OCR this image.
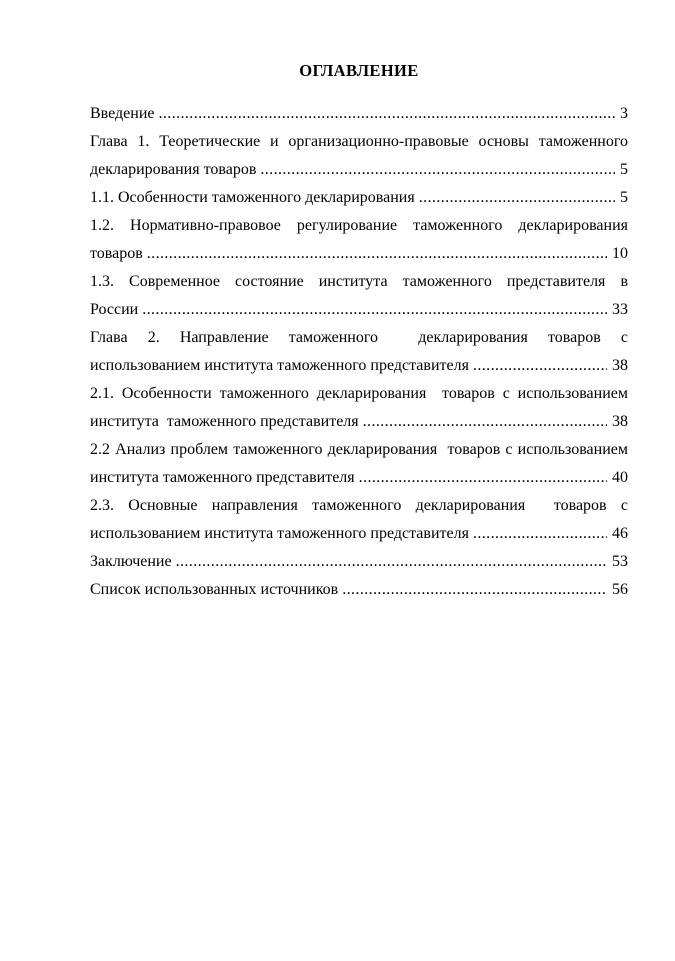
ОГЛАВЛЕНИЕ
Введение .....	3
Глава 1. Теоретические и организационно-правовые основы таможенного
декларирования товаров .....	5
1.1. Особенности таможенного декларирования .....	5
1.2. Нормативно-правовое регулирование таможенного декларирования
товаров .....	10
1.3. Современное состояние института таможенного представителя в
России .....	33
Глава 2. Направление таможенного  декларирования товаров с
использованием института таможенного представителя .....	38
2.1. Особенности таможенного декларирования  товаров с использованием
института  таможенного представителя .....	38
2.2 Анализ проблем таможенного декларирования  товаров с использованием
института таможенного представителя .....	40
2.3. Основные направления таможенного декларирования  товаров с
использованием института таможенного представителя .....	46
Заключение .....	53
Список использованных источников .....	56
